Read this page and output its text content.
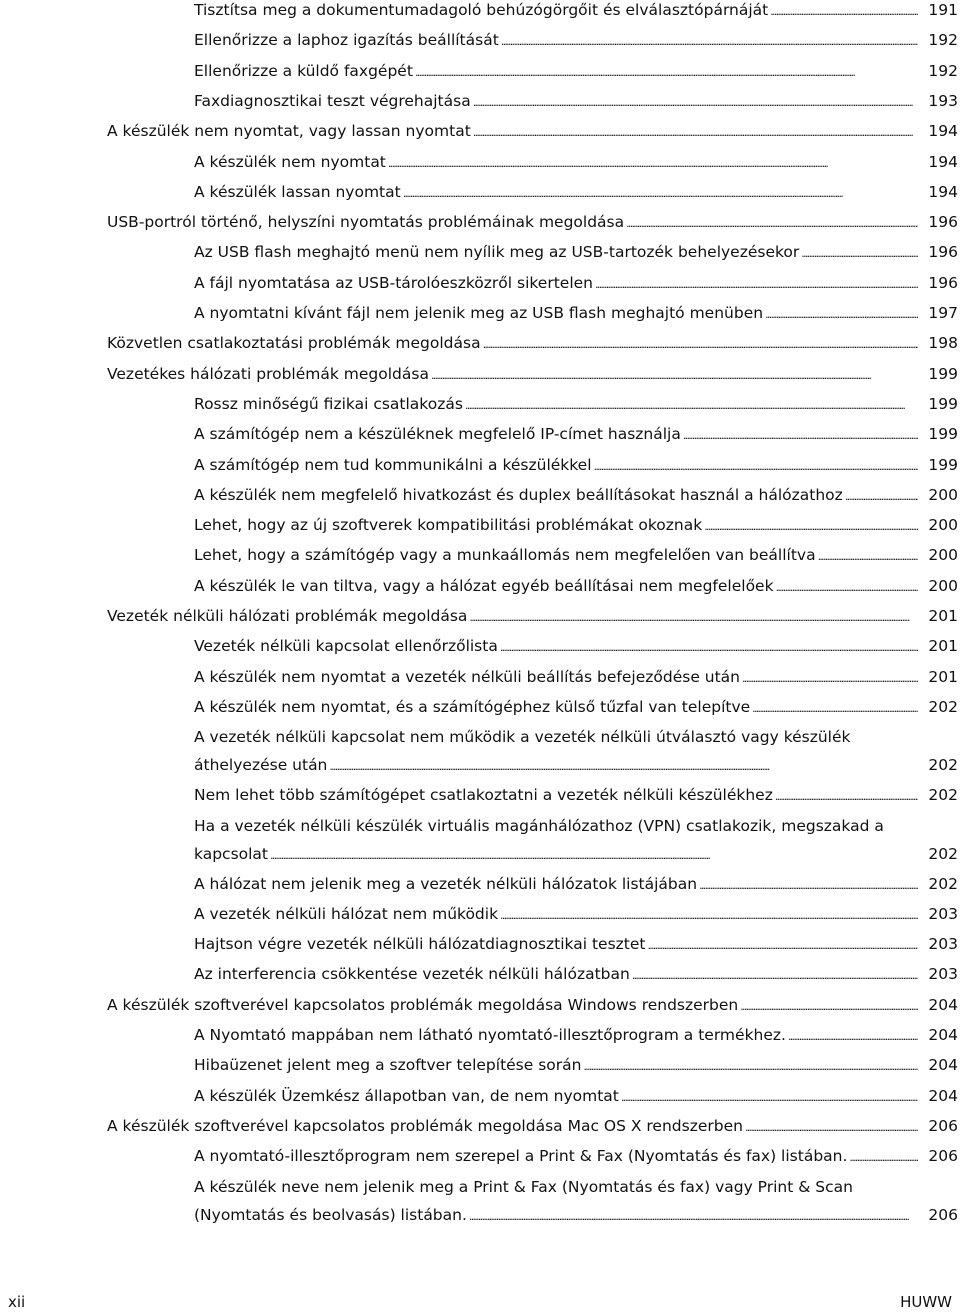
Tisztítsa meg a dokumentumadagoló behúzógörgőit és elválasztópárnáját . . .	191
Ellenőrizze a laphoz igazítás beállítását . . .	192
Ellenőrizze a küldő faxgépét . . .	192
Faxdiagnosztikai teszt végrehajtása . . .	193
A készülék nem nyomtat, vagy lassan nyomtat . . .	194
A készülék nem nyomtat . . .	194
A készülék lassan nyomtat . . .	194
USB-portról történő, helyszíni nyomtatás problémáinak megoldása . . .	196
Az USB flash meghajtó menü nem nyílik meg az USB-tartozék behelyezésekor . . .	196
A fájl nyomtatása az USB-tárolóeszközről sikertelen . . .	196
A nyomtatni kívánt fájl nem jelenik meg az USB flash meghajtó menüben . . .	197
Közvetlen csatlakoztatási problémák megoldása . . .	198
Vezetékes hálózati problémák megoldása . . .	199
Rossz minőségű fizikai csatlakozás . . .	199
A számítógép nem a készüléknek megfelelő IP-címet használja . . .	199
A számítógép nem tud kommunikálni a készülékkel . . .	199
A készülék nem megfelelő hivatkozást és duplex beállításokat használ a hálózathoz . . .	200
Lehet, hogy az új szoftverek kompatibilitási problémákat okoznak . . .	200
Lehet, hogy a számítógép vagy a munkaállomás nem megfelelően van beállítva . . .	200
A készülék le van tiltva, vagy a hálózat egyéb beállításai nem megfelelőek . . .	200
Vezeték nélküli hálózati problémák megoldása . . .	201
Vezeték nélküli kapcsolat ellenőrzőlista . . .	201
A készülék nem nyomtat a vezeték nélküli beállítás befejeződése után . . .	201
A készülék nem nyomtat, és a számítógéphez külső tűzfal van telepítve . . .	202
A vezeték nélküli kapcsolat nem működik a vezeték nélküli útválasztó vagy készülék
áthelyezése után . . .	202
Nem lehet több számítógépet csatlakoztatni a vezeték nélküli készülékhez . . .	202
Ha a vezeték nélküli készülék virtuális magánhálózathoz (VPN) csatlakozik, megszakad a
kapcsolat . . .	202
A hálózat nem jelenik meg a vezeték nélküli hálózatok listájában . . .	202
A vezeték nélküli hálózat nem működik . . .	203
Hajtson végre vezeték nélküli hálózatdiagnosztikai tesztet . . .	203
Az interferencia csökkentése vezeték nélküli hálózatban . . .	203
A készülék szoftverével kapcsolatos problémák megoldása Windows rendszerben . . .	204
A Nyomtató mappában nem látható nyomtató-illesztőprogram a termékhez. . . .	204
Hibaüzenet jelent meg a szoftver telepítése során . . .	204
A készülék Üzemkész állapotban van, de nem nyomtat . . .	204
A készülék szoftverével kapcsolatos problémák megoldása Mac OS X rendszerben . . .	206
A nyomtató-illesztőprogram nem szerepel a Print & Fax (Nyomtatás és fax) listában. . . .	206
A készülék neve nem jelenik meg a Print & Fax (Nyomtatás és fax) vagy Print & Scan
(Nyomtatás és beolvasás) listában. . . .	206
xii	HUWW
